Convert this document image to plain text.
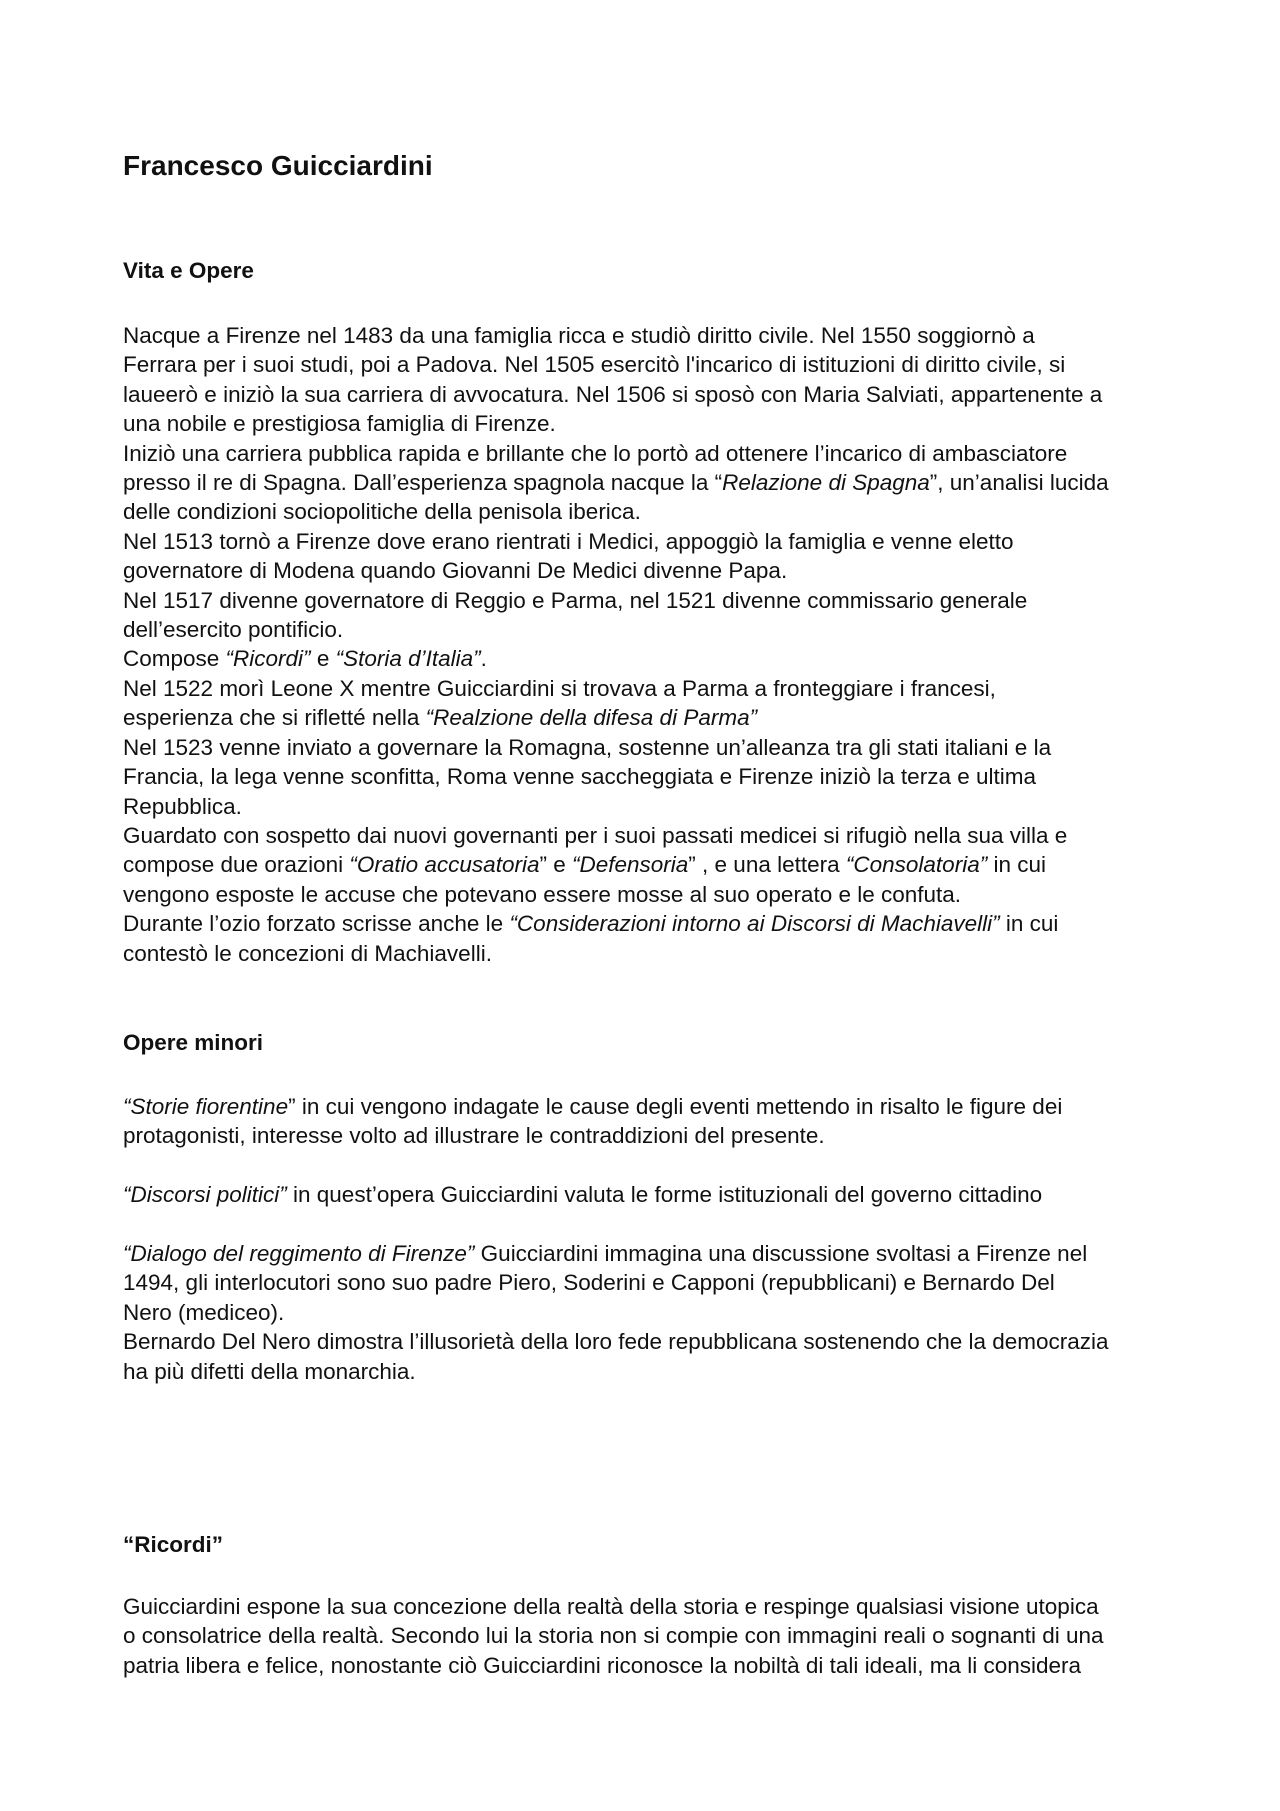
Francesco Guicciardini
Vita e Opere
Nacque a Firenze nel 1483 da una famiglia ricca e studiò diritto civile. Nel 1550 soggiornò a
Ferrara per i suoi studi, poi a Padova. Nel 1505 esercitò l'incarico di istituzioni di diritto civile, si
laueerò e iniziò la sua carriera di avvocatura. Nel 1506 si sposò con Maria Salviati, appartenente a
una nobile e prestigiosa famiglia di Firenze.
Iniziò una carriera pubblica rapida e brillante che lo portò ad ottenere l’incarico di ambasciatore
presso il re di Spagna. Dall’esperienza spagnola nacque la “Relazione di Spagna”, un’analisi lucida
delle condizioni sociopolitiche della penisola iberica.
Nel 1513 tornò a Firenze dove erano rientrati i Medici, appoggiò la famiglia e venne eletto
governatore di Modena quando Giovanni De Medici divenne Papa.
Nel 1517 divenne governatore di Reggio e Parma, nel 1521 divenne commissario generale
dell’esercito pontificio.
Compose “Ricordi” e “Storia d’Italia”.
Nel 1522 morì Leone X mentre Guicciardini si trovava a Parma a fronteggiare i francesi,
esperienza che si rifletté nella “Realzione della difesa di Parma”
Nel 1523 venne inviato a governare la Romagna, sostenne un’alleanza tra gli stati italiani e la
Francia, la lega venne sconfitta, Roma venne saccheggiata e Firenze iniziò la terza e ultima
Repubblica.
Guardato con sospetto dai nuovi governanti per i suoi passati medicei si rifugiò nella sua villa e
compose due orazioni “Oratio accusatoria” e “Defensoria” , e una lettera “Consolatoria” in cui
vengono esposte le accuse che potevano essere mosse al suo operato e le confuta.
Durante l’ozio forzato scrisse anche le “Considerazioni intorno ai Discorsi di Machiavelli” in cui
contestò le concezioni di Machiavelli.
Opere minori
“Storie fiorentine” in cui vengono indagate le cause degli eventi mettendo in risalto le figure dei
protagonisti, interesse volto ad illustrare le contraddizioni del presente.
“Discorsi politici” in quest’opera Guicciardini valuta le forme istituzionali del governo cittadino
“Dialogo del reggimento di Firenze” Guicciardini immagina una discussione svoltasi a Firenze nel
1494, gli interlocutori sono suo padre Piero, Soderini e Capponi (repubblicani) e Bernardo Del
Nero (mediceo).
Bernardo Del Nero dimostra l’illusorietà della loro fede repubblicana sostenendo che la democrazia
ha più difetti della monarchia.
“Ricordi”
Guicciardini espone la sua concezione della realtà della storia e respinge qualsiasi visione utopica
o consolatrice della realtà. Secondo lui la storia non si compie con immagini reali o sognanti di una
patria libera e felice, nonostante ciò Guicciardini riconosce la nobiltà di tali ideali, ma li considera
